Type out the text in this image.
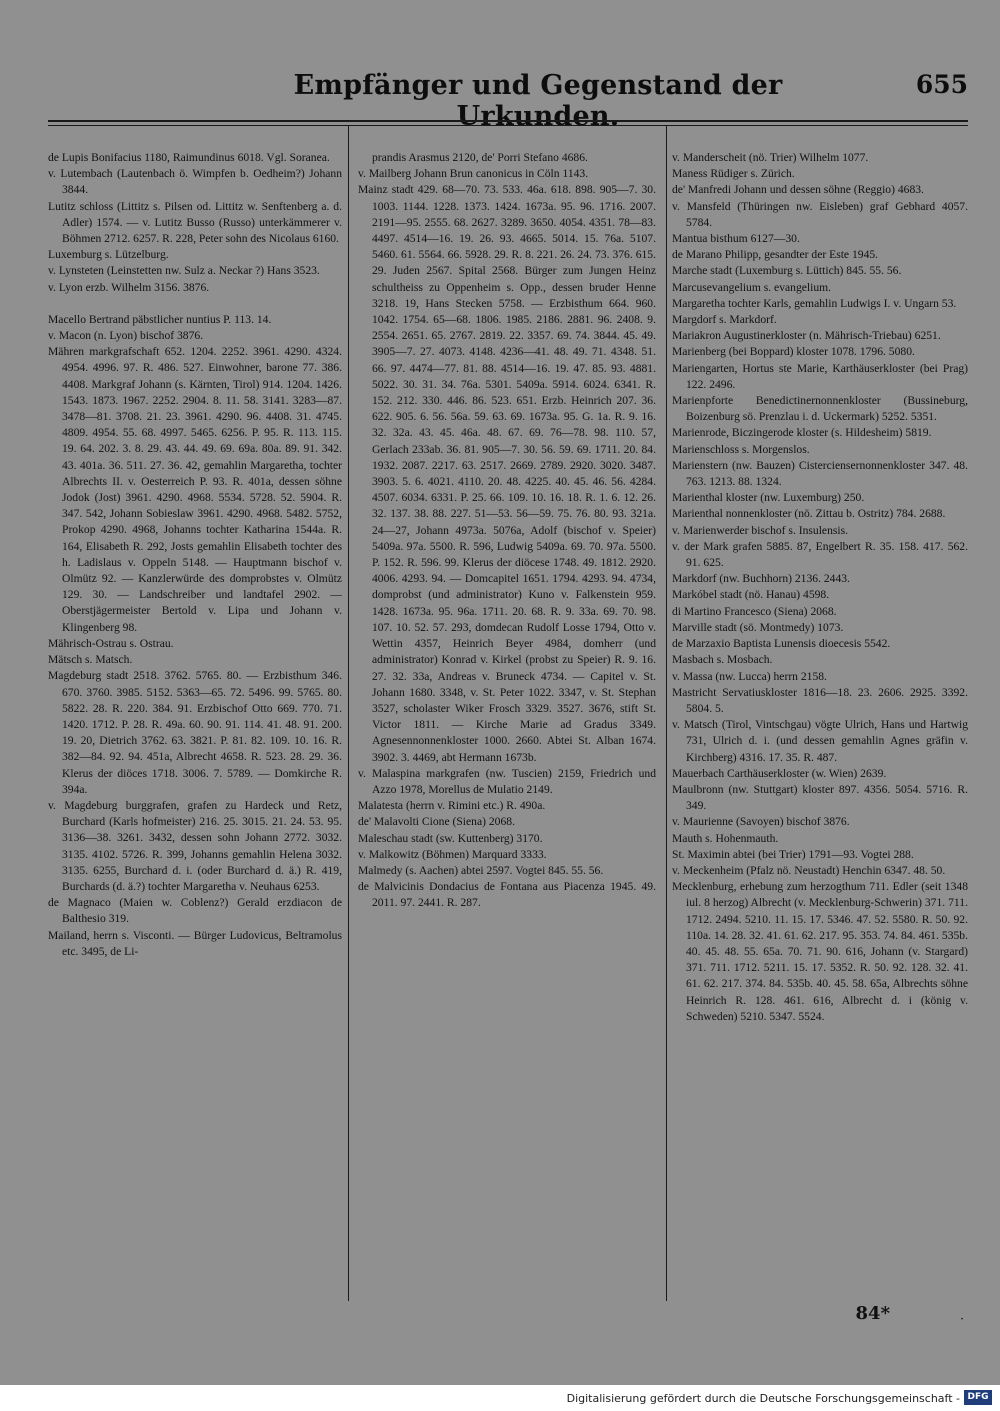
Empfänger und Gegenstand der Urkunden.
655

de Lupis Bonifacius 1180, Raimundinus 6018. Vgl. Soranea.

v. Lutembach (Lautenbach ö. Wimpfen b. Oedheim?) Johann 3844.

Lutitz schloss (Littitz s. Pilsen od. Littitz w. Senftenberg a. d. Adler) 1574. — v. Lutitz Busso (Russo) unterkämmerer v. Böhmen 2712. 6257. R. 228, Peter sohn des Nicolaus 6160.

Luxemburg s. Lützelburg.

v. Lynsteten (Leinstetten nw. Sulz a. Neckar ?) Hans 3523.

v. Lyon erzb. Wilhelm 3156. 3876.

Macello Bertrand päbstlicher nuntius P. 113. 14.

v. Macon (n. Lyon) bischof 3876.

Mähren markgrafschaft 652. 1204. 2252. 3961. 4290. 4324. 4954. 4996. 97. R. 486. 527. Einwohner, barone 77. 386. 4408. Markgraf Johann (s. Kärnten, Tirol) 914. 1204. 1426. 1543. 1873. 1967. 2252. 2904. 8. 11. 58. 3141. 3283—87. 3478—81. 3708. 21. 23. 3961. 4290. 96. 4408. 31. 4745. 4809. 4954. 55. 68. 4997. 5465. 6256. P. 95. R. 113. 115. 19. 64. 202. 3. 8. 29. 43. 44. 49. 69. 69a. 80a. 89. 91. 342. 43. 401a. 36. 511. 27. 36. 42, gemahlin Margaretha, tochter Albrechts II. v. Oesterreich P. 93. R. 401a, dessen söhne Jodok (Jost) 3961. 4290. 4968. 5534. 5728. 52. 5904. R. 347. 542, Johann Sobieslaw 3961. 4290. 4968. 5482. 5752, Prokop 4290. 4968, Johanns tochter Katharina 1544a. R. 164, Elisabeth R. 292, Josts gemahlin Elisabeth tochter des h. Ladislaus v. Oppeln 5148. — Hauptmann bischof v. Olmütz 92. — Kanzlerwürde des domprobstes v. Olmütz 129. 30. — Landschreiber und landtafel 2902. — Oberstjägermeister Bertold v. Lipa und Johann v. Klingenberg 98.

Mährisch-Ostrau s. Ostrau.

Mätsch s. Matsch.

Magdeburg stadt 2518. 3762. 5765. 80. — Erzbisthum 346. 670. 3760. 3985. 5152. 5363—65. 72. 5496. 99. 5765. 80. 5822. 28. R. 220. 384. 91. Erzbischof Otto 669. 770. 71. 1420. 1712. P. 28. R. 49a. 60. 90. 91. 114. 41. 48. 91. 200. 19. 20, Dietrich 3762. 63. 3821. P. 81. 82. 109. 10. 16. R. 382—84. 92. 94. 451a, Albrecht 4658. R. 523. 28. 29. 36. Klerus der diöces 1718. 3006. 7. 5789. — Domkirche R. 394a.

v. Magdeburg burggrafen, grafen zu Hardeck und Retz, Burchard (Karls hofmeister) 216. 25. 3015. 21. 24. 53. 95. 3136—38. 3261. 3432, dessen sohn Johann 2772. 3032. 3135. 4102. 5726. R. 399, Johanns gemahlin Helena 3032. 3135. 6255, Burchard d. i. (oder Burchard d. ä.) R. 419, Burchards (d. ä.?) tochter Margaretha v. Neuhaus 6253.

de Magnaco (Maien w. Coblenz?) Gerald erzdiacon de Balthesio 319.

Mailand, herrn s. Visconti. — Bürger Ludovicus, Beltramolus etc. 3495, de Li-

prandis Arasmus 2120, de' Porri Stefano 4686.

v. Mailberg Johann Brun canonicus in Cöln 1143.

Mainz stadt 429. 68—70. 73. 533. 46a. 618. 898. 905—7. 30. 1003. 1144. 1228. 1373. 1424. 1673a. 95. 96. 1716. 2007. 2191—95. 2555. 68. 2627. 3289. 3650. 4054. 4351. 78—83. 4497. 4514—16. 19. 26. 93. 4665. 5014. 15. 76a. 5107. 5460. 61. 5564. 66. 5928. 29. R. 8. 221. 26. 24. 73. 376. 615. 29. Juden 2567. Spital 2568. Bürger zum Jungen Heinz schultheiss zu Oppenheim s. Opp., dessen bruder Henne 3218. 19, Hans Stecken 5758. — Erzbisthum 664. 960. 1042. 1754. 65—68. 1806. 1985. 2186. 2881. 96. 2408. 9. 2554. 2651. 65. 2767. 2819. 22. 3357. 69. 74. 3844. 45. 49. 3905—7. 27. 4073. 4148. 4236—41. 48. 49. 71. 4348. 51. 66. 97. 4474—77. 81. 88. 4514—16. 19. 47. 85. 93. 4881. 5022. 30. 31. 34. 76a. 5301. 5409a. 5914. 6024. 6341. R. 152. 212. 330. 446. 86. 523. 651. Erzb. Heinrich 207. 36. 622. 905. 6. 56. 56a. 59. 63. 69. 1673a. 95. G. 1a. R. 9. 16. 32. 32a. 43. 45. 46a. 48. 67. 69. 76—78. 98. 110. 57, Gerlach 233ab. 36. 81. 905—7. 30. 56. 59. 69. 1711. 20. 84. 1932. 2087. 2217. 63. 2517. 2669. 2789. 2920. 3020. 3487. 3903. 5. 6. 4021. 4110. 20. 48. 4225. 40. 45. 46. 56. 4284. 4507. 6034. 6331. P. 25. 66. 109. 10. 16. 18. R. 1. 6. 12. 26. 32. 137. 38. 88. 227. 51—53. 56—59. 75. 76. 80. 93. 321a. 24—27, Johann 4973a. 5076a, Adolf (bischof v. Speier) 5409a. 97a. 5500. R. 596, Ludwig 5409a. 69. 70. 97a. 5500. P. 152. R. 596. 99. Klerus der diöcese 1748. 49. 1812. 2920. 4006. 4293. 94. — Domcapitel 1651. 1794. 4293. 94. 4734, domprobst (und administrator) Kuno v. Falkenstein 959. 1428. 1673a. 95. 96a. 1711. 20. 68. R. 9. 33a. 69. 70. 98. 107. 10. 52. 57. 293, domdecan Rudolf Losse 1794, Otto v. Wettin 4357, Heinrich Beyer 4984, domherr (und administrator) Konrad v. Kirkel (probst zu Speier) R. 9. 16. 27. 32. 33a, Andreas v. Bruneck 4734. — Capitel v. St. Johann 1680. 3348, v. St. Peter 1022. 3347, v. St. Stephan 3527, scholaster Wiker Frosch 3329. 3527. 3676, stift St. Victor 1811. — Kirche Marie ad Gradus 3349. Agnesennonnenkloster 1000. 2660. Abtei St. Alban 1674. 3902. 3. 4469, abt Hermann 1673b.

v. Malaspina markgrafen (nw. Tuscien) 2159, Friedrich und Azzo 1978, Morellus de Mulatio 2149.

Malatesta (herrn v. Rimini etc.) R. 490a.

de' Malavolti Cione (Siena) 2068.

Maleschau stadt (sw. Kuttenberg) 3170.

v. Malkowitz (Böhmen) Marquard 3333.

Malmedy (s. Aachen) abtei 2597. Vogtei 845. 55. 56.

de Malvicinis Dondacius de Fontana aus Piacenza 1945. 49. 2011. 97. 2441. R. 287.

v. Manderscheit (nö. Trier) Wilhelm 1077.

Maness Rüdiger s. Zürich.

de' Manfredi Johann und dessen söhne (Reggio) 4683.

v. Mansfeld (Thüringen nw. Eisleben) graf Gebhard 4057. 5784.

Mantua bisthum 6127—30.

de Marano Philipp, gesandter der Este 1945.

Marche stadt (Luxemburg s. Lüttich) 845. 55. 56.

Marcusevangelium s. evangelium.

Margaretha tochter Karls, gemahlin Ludwigs I. v. Ungarn 53.

Margdorf s. Markdorf.

Mariakron Augustinerkloster (n. Mährisch-Triebau) 6251.

Marienberg (bei Boppard) kloster 1078. 1796. 5080.

Mariengarten, Hortus ste Marie, Karthäuserkloster (bei Prag) 122. 2496.

Marienpforte Benedictinernonnenkloster (Bussineburg, Boizenburg sö. Prenzlau i. d. Uckermark) 5252. 5351.

Marienrode, Biczingerode kloster (s. Hildesheim) 5819.

Marienschloss s. Morgenslos.

Marienstern (nw. Bauzen) Cisterciensernonnenkloster 347. 48. 763. 1213. 88. 1324.

Marienthal kloster (nw. Luxemburg) 250.

Marienthal nonnenkloster (nö. Zittau b. Ostritz) 784. 2688.

v. Marienwerder bischof s. Insulensis.

v. der Mark grafen 5885. 87, Engelbert R. 35. 158. 417. 562. 91. 625.

Markdorf (nw. Buchhorn) 2136. 2443.

Markóbel stadt (nö. Hanau) 4598.

di Martino Francesco (Siena) 2068.

Marville stadt (sö. Montmedy) 1073.

de Marzaxio Baptista Lunensis dioecesis 5542.

Masbach s. Mosbach.

v. Massa (nw. Lucca) herrn 2158.

Mastricht Servatiuskloster 1816—18. 23. 2606. 2925. 3392. 5804. 5.

v. Matsch (Tirol, Vintschgau) vögte Ulrich, Hans und Hartwig 731, Ulrich d. i. (und dessen gemahlin Agnes gräfin v. Kirchberg) 4316. 17. 35. R. 487.

Mauerbach Carthäuserkloster (w. Wien) 2639.

Maulbronn (nw. Stuttgart) kloster 897. 4356. 5054. 5716. R. 349.

v. Maurienne (Savoyen) bischof 3876.

Mauth s. Hohenmauth.

St. Maximin abtei (bei Trier) 1791—93. Vogtei 288.

v. Meckenheim (Pfalz nö. Neustadt) Henchin 6347. 48. 50.

Mecklenburg, erhebung zum herzogthum 711. Edler (seit 1348 iul. 8 herzog) Albrecht (v. Mecklenburg-Schwerin) 371. 711. 1712. 2494. 5210. 11. 15. 17. 5346. 47. 52. 5580. R. 50. 92. 110a. 14. 28. 32. 41. 61. 62. 217. 95. 353. 74. 84. 461. 535b. 40. 45. 48. 55. 65a. 70. 71. 90. 616, Johann (v. Stargard) 371. 711. 1712. 5211. 15. 17. 5352. R. 50. 92. 128. 32. 41. 61. 62. 217. 374. 84. 535b. 40. 45. 58. 65a, Albrechts söhne Heinrich R. 128. 461. 616, Albrecht d. i (könig v. Schweden) 5210. 5347. 5524.

84*	·
Digitalisierung gefördert durch die Deutsche Forschungsgemeinschaft - DFG
